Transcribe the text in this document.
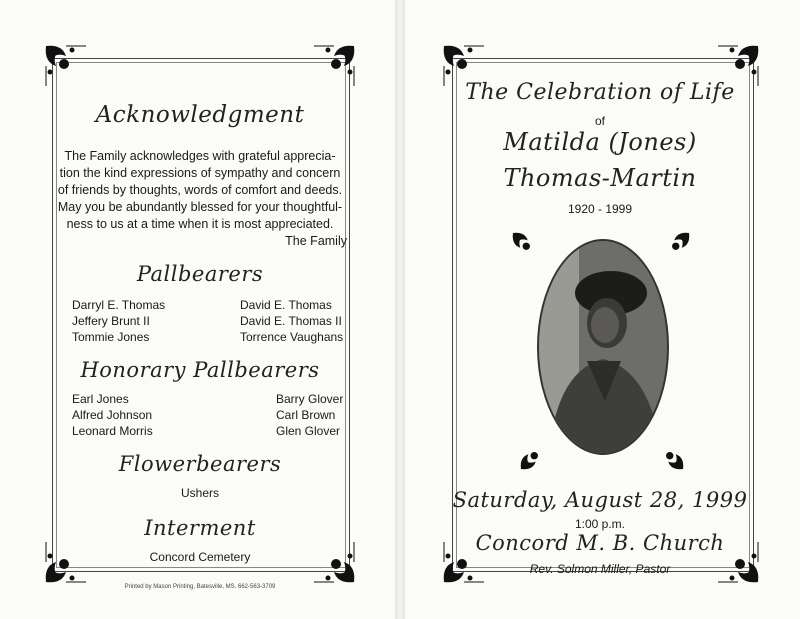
Acknowledgment
The Family acknowledges with grateful apprecia-
tion the kind expressions of sympathy and concern
of friends by thoughts, words of comfort and deeds.
May you be abundantly blessed for your thoughtful-
ness to us at a time when it is most appreciated.
The Family
Pallbearers
Darryl E. Thomas
Jeffery Brunt II
Tommie Jones
David E. Thomas
David E. Thomas II
Torrence Vaughans
Honorary Pallbearers
Earl Jones
Alfred Johnson
Leonard Morris
Barry Glover
Carl Brown
Glen Glover
Flowerbearers
Ushers
Interment
Concord Cemetery
Printed by Mason Printing, Batesville, MS. 662-563-3709
The Celebration of Life
of
Matilda (Jones)
Thomas-Martin
1920 - 1999
Saturday, August 28, 1999
1:00 p.m.
Concord M. B. Church
Rev. Solmon Miller, Pastor
